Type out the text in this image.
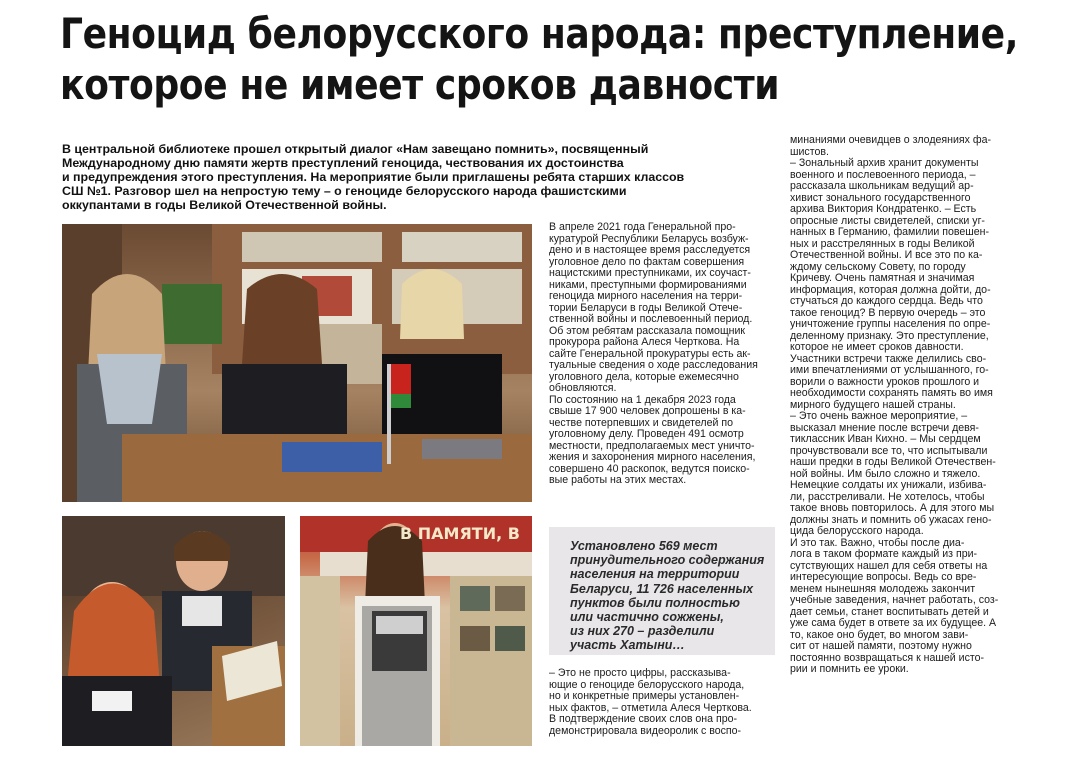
Геноцид белорусского народа: преступление,
которое не имеет сроков давности
В центральной библиотеке прошел открытый диалог «Нам завещано помнить», посвященный
Международному дню памяти жертв преступлений геноцида, чествования их достоинства
и предупреждения этого преступления. На мероприятие были приглашены ребята старших классов
СШ №1. Разговор шел на непростую тему – о геноциде белорусского народа фашистскими
оккупантами в годы Великой Отечественной войны.
В ПАМЯТИ, В
Установлено 569 мест
принудительного содержания
населения на территории
Беларуси, 11 726 населенных
пунктов были полностью
или частично сожжены,
из них 270 – разделили
участь Хатыни…
В апреле 2021 года Генеральной про-
куратурой Республики Беларусь возбуж-
дено и в настоящее время расследуется
уголовное дело по фактам совершения
нацистскими преступниками, их соучаст-
никами, преступными формированиями
геноцида мирного населения на терри-
тории Беларуси в годы Великой Отече-
ственной войны и послевоенный период.
Об этом ребятам рассказала помощник
прокурора района Алеся Черткова. На
сайте Генеральной прокуратуры есть ак-
туальные сведения о ходе расследования
уголовного дела, которые ежемесячно
обновляются.
По состоянию на 1 декабря 2023 года
свыше 17 900 человек допрошены в ка-
честве потерпевших и свидетелей по
уголовному делу. Проведен 491 осмотр
местности, предполагаемых мест уничто-
жения и захоронения мирного населения,
совершено 40 раскопок, ведутся поиско-
вые работы на этих местах.
– Это не просто цифры, рассказыва-
ющие о геноциде белорусского народа,
но и конкретные примеры установлен-
ных фактов, – отметила Алеся Черткова.
В подтверждение своих слов она про-
демонстрировала видеоролик с воспо-
минаниями очевидцев о злодеяниях фа-
шистов.
– Зональный архив хранит документы
военного и послевоенного периода, –
рассказала школьникам ведущий ар-
хивист зонального государственного
архива Виктория Кондратенко. – Есть
опросные листы свидетелей, списки уг-
нанных в Германию, фамилии повешен-
ных и расстрелянных в годы Великой
Отечественной войны. И все это по ка-
ждому сельскому Совету, по городу
Кричеву. Очень памятная и значимая
информация, которая должна дойти, до-
стучаться до каждого сердца. Ведь что
такое геноцид? В первую очередь – это
уничтожение группы населения по опре-
деленному признаку. Это преступление,
которое не имеет сроков давности.
Участники встречи также делились сво-
ими впечатлениями от услышанного, го-
ворили о важности уроков прошлого и
необходимости сохранять память во имя
мирного будущего нашей страны.
– Это очень важное мероприятие, –
высказал мнение после встречи девя-
тиклассник Иван Кихно. – Мы сердцем
прочувствовали все то, что испытывали
наши предки в годы Великой Отечествен-
ной войны. Им было сложно и тяжело.
Немецкие солдаты их унижали, избива-
ли, расстреливали. Не хотелось, чтобы
такое вновь повторилось. А для этого мы
должны знать и помнить об ужасах гено-
цида белорусского народа.
И это так. Важно, чтобы после диа-
лога в таком формате каждый из при-
сутствующих нашел для себя ответы на
интересующие вопросы. Ведь со вре-
менем нынешняя молодежь закончит
учебные заведения, начнет работать, соз-
дает семьи, станет воспитывать детей и
уже сама будет в ответе за их будущее. А
то, какое оно будет, во многом зави-
сит от нашей памяти, поэтому нужно
постоянно возвращаться к нашей исто-
рии и помнить ее уроки.
